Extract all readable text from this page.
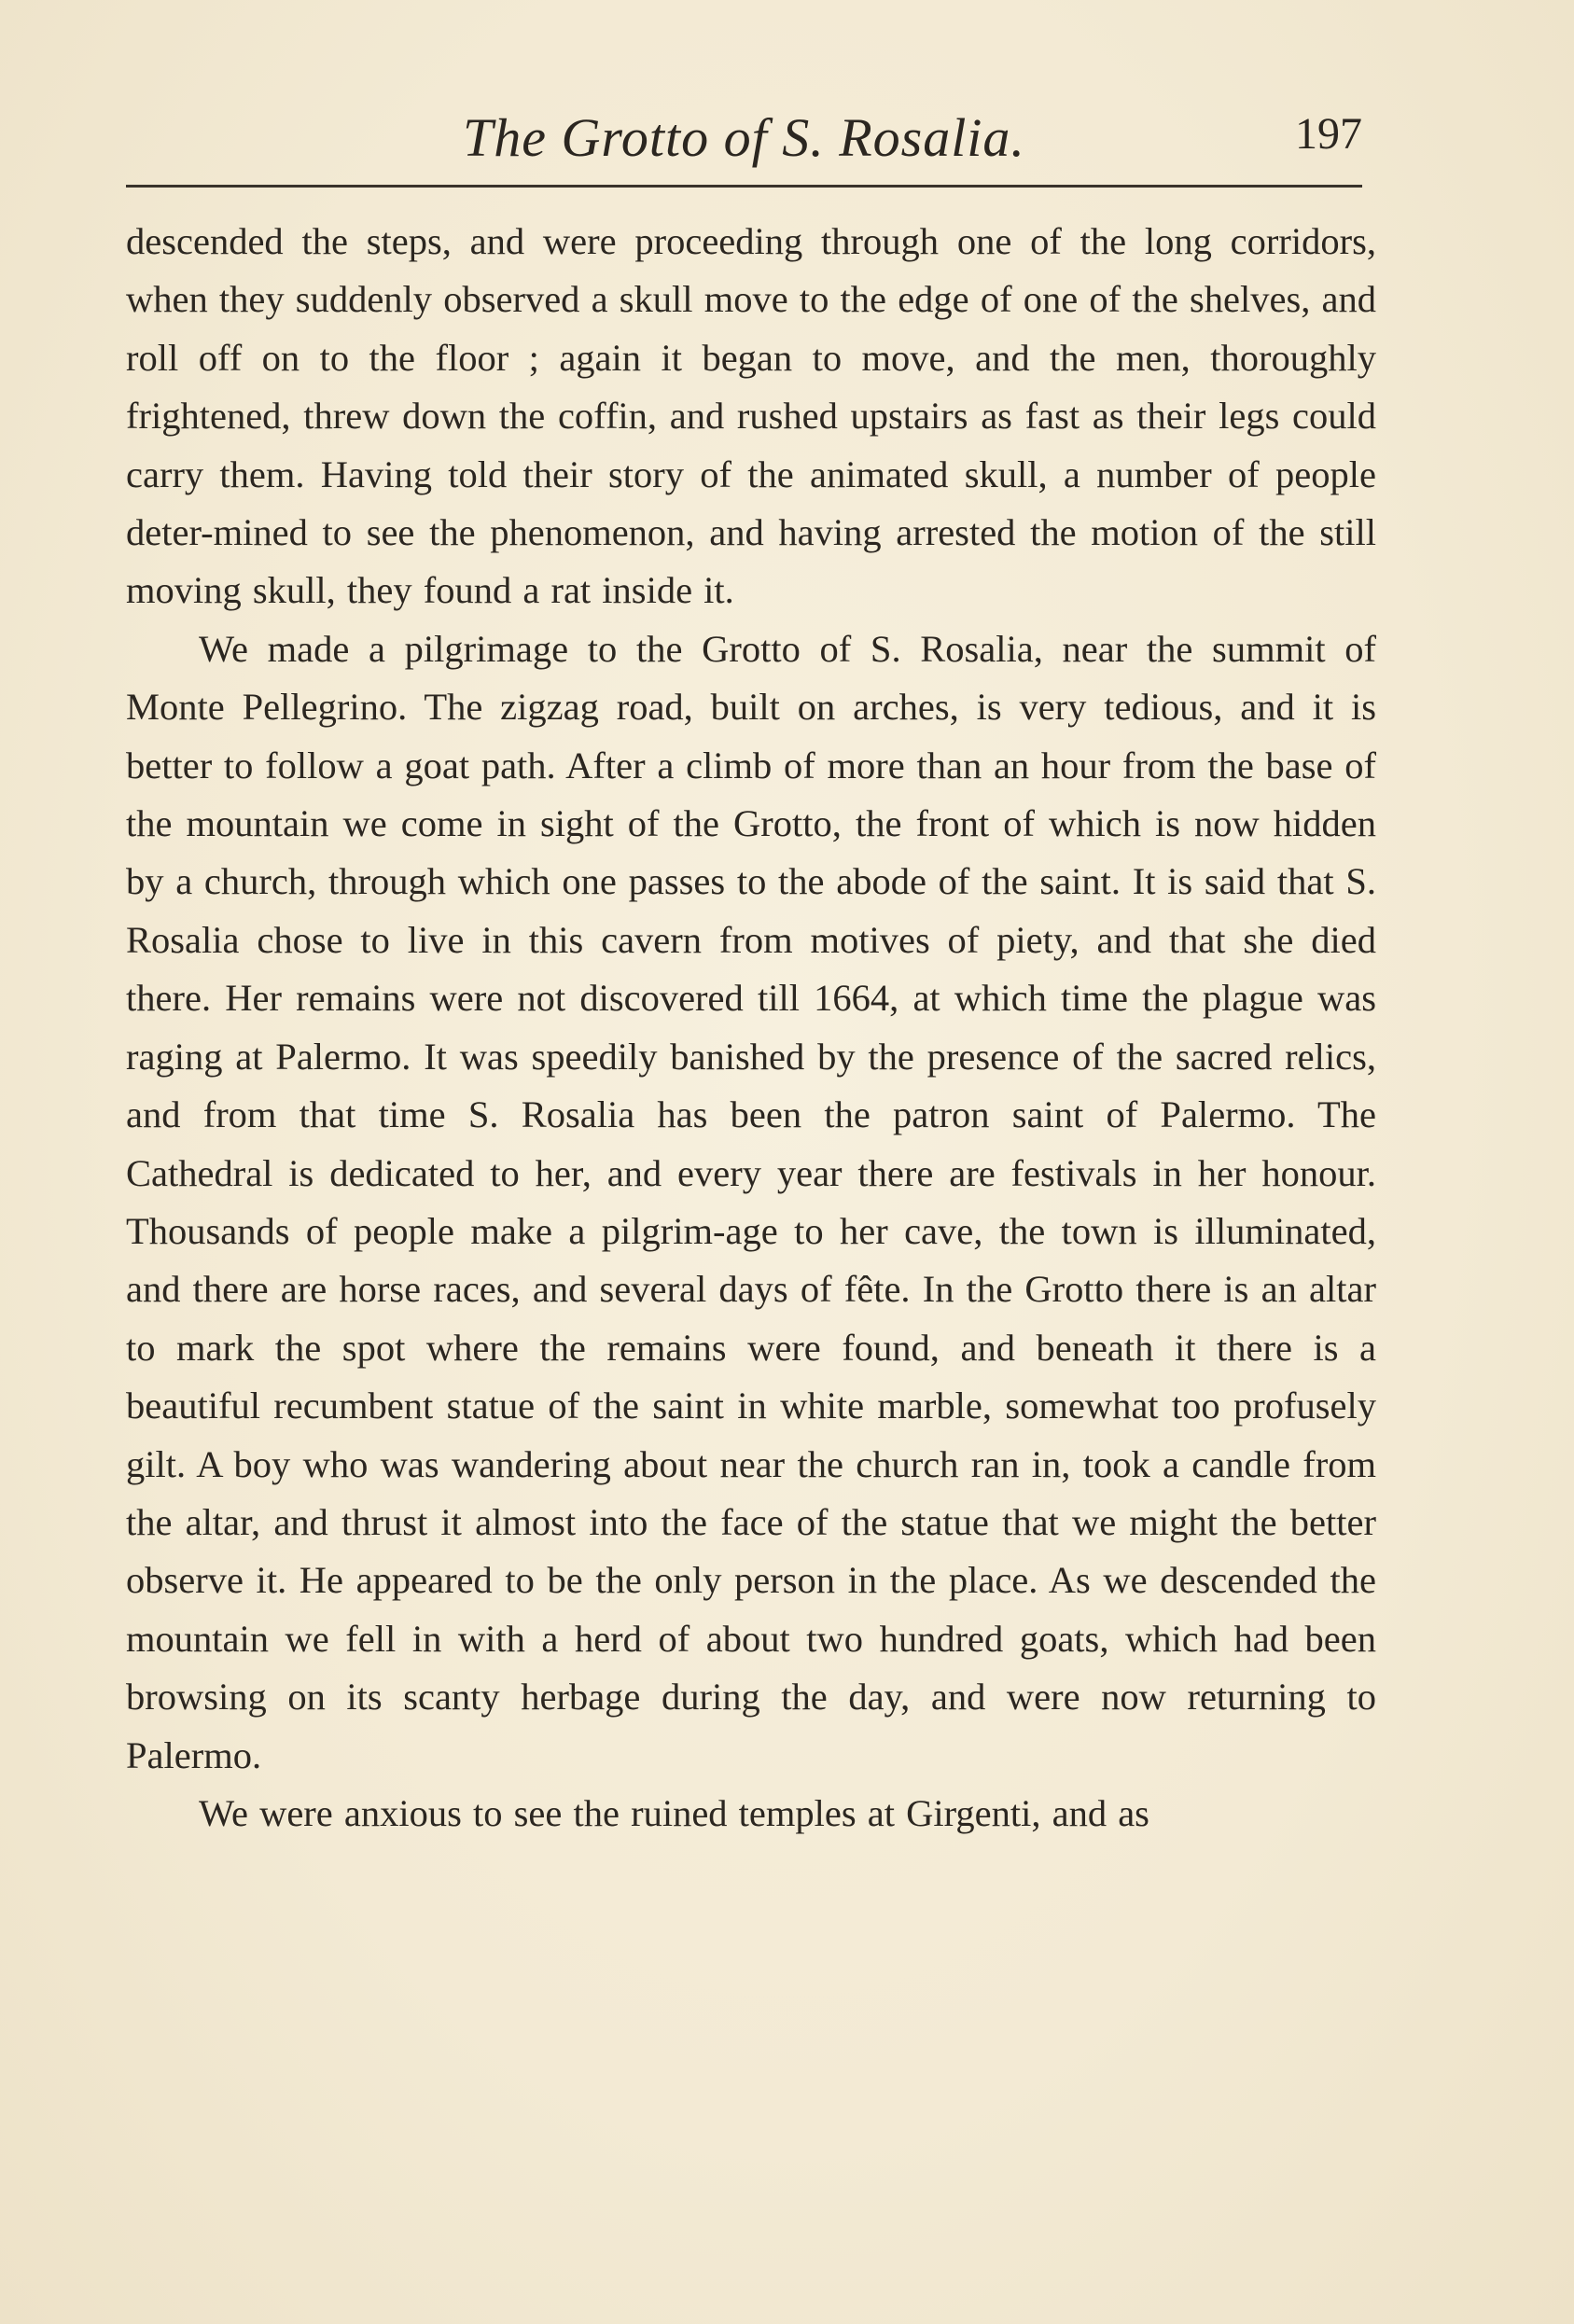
The Grotto of S. Rosalia.	197

descended the steps, and were proceeding through one of the long corridors, when they suddenly observed a skull move to the edge of one of the shelves, and roll off on to the floor ; again it began to move, and the men, thoroughly frightened, threw down the coffin, and rushed upstairs as fast as their legs could carry them. Having told their story of the animated skull, a number of people deter-mined to see the phenomenon, and having arrested the motion of the still moving skull, they found a rat inside it.

We made a pilgrimage to the Grotto of S. Rosalia, near the summit of Monte Pellegrino. The zigzag road, built on arches, is very tedious, and it is better to follow a goat path. After a climb of more than an hour from the base of the mountain we come in sight of the Grotto, the front of which is now hidden by a church, through which one passes to the abode of the saint. It is said that S. Rosalia chose to live in this cavern from motives of piety, and that she died there. Her remains were not discovered till 1664, at which time the plague was raging at Palermo. It was speedily banished by the presence of the sacred relics, and from that time S. Rosalia has been the patron saint of Palermo. The Cathedral is dedicated to her, and every year there are festivals in her honour. Thousands of people make a pilgrim-age to her cave, the town is illuminated, and there are horse races, and several days of fête. In the Grotto there is an altar to mark the spot where the remains were found, and beneath it there is a beautiful recumbent statue of the saint in white marble, somewhat too profusely gilt. A boy who was wandering about near the church ran in, took a candle from the altar, and thrust it almost into the face of the statue that we might the better observe it. He appeared to be the only person in the place. As we descended the mountain we fell in with a herd of about two hundred goats, which had been browsing on its scanty herbage during the day, and were now returning to Palermo.

We were anxious to see the ruined temples at Girgenti, and as
